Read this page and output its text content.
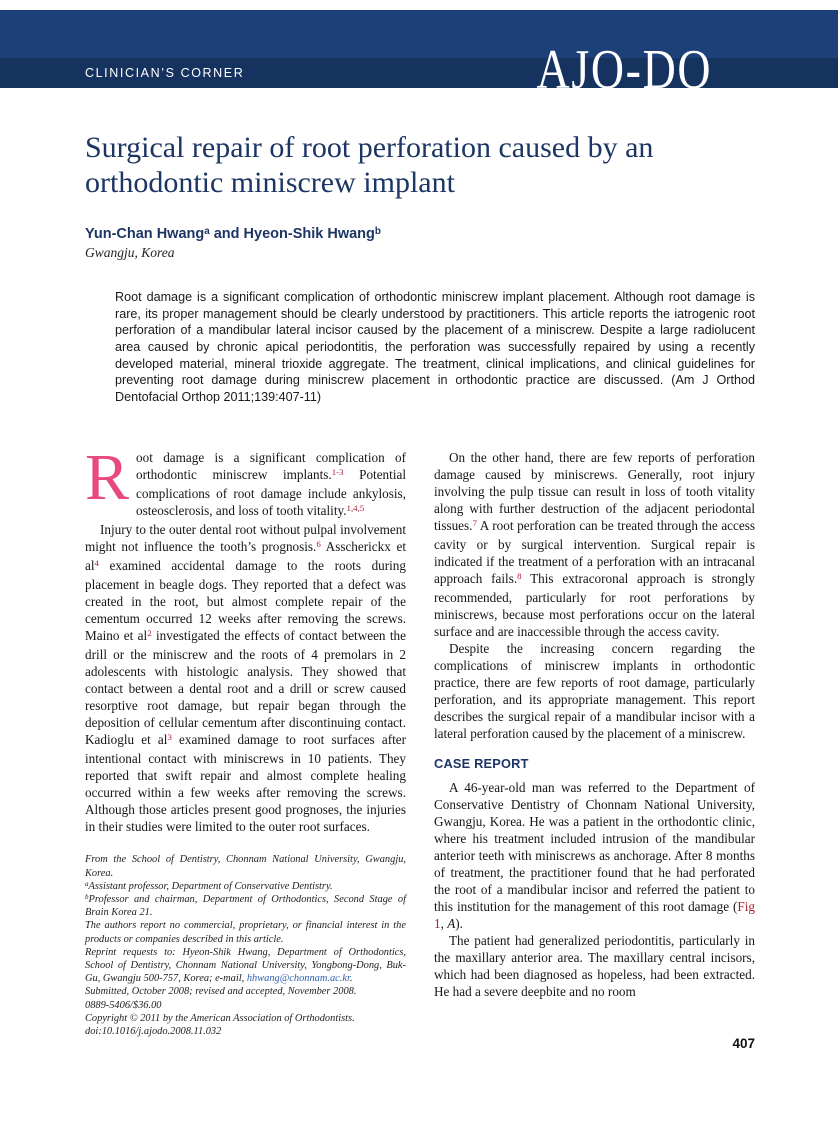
CLINICIAN’S CORNER	AJO-DO
Surgical repair of root perforation caused by an
orthodontic miniscrew implant
Yun-Chan Hwang$^a$ and Hyeon-Shik Hwang$^b$
Gwangju, Korea
Root damage is a significant complication of orthodontic miniscrew implant placement. Although root damage is rare, its proper management should be clearly understood by practitioners. This article reports the iatrogenic root perforation of a mandibular lateral incisor caused by the placement of a miniscrew. Despite a large radiolucent area caused by chronic apical periodontitis, the perforation was successfully repaired by using a recently developed material, mineral trioxide aggregate. The treatment, clinical implications, and clinical guidelines for preventing root damage during miniscrew placement in orthodontic practice are discussed. (Am J Orthod Dentofacial Orthop 2011;139:407-11)

Root damage is a significant complication of orthodontic miniscrew implants.$^{1-3}$ Potential complications of root damage include ankylosis, osteosclerosis, and loss of tooth vitality.$^{1,4,5}$

Injury to the outer dental root without pulpal involvement might not influence the tooth’s prognosis.$^6$ Asscherickx et $al^4$ examined accidental damage to the roots during placement in beagle dogs. They reported that a defect was created in the root, but almost complete repair of the cementum occurred 12 weeks after removing the screws. Maino et $al^2$ investigated the effects of contact between the drill or the miniscrew and the roots of 4 premolars in 2 adolescents with histologic analysis. They showed that contact between a dental root and a drill or screw caused resorptive root damage, but repair began through the deposition of cellular cementum after discontinuing contact. Kadioglu et $al^3$ examined damage to root surfaces after intentional contact with miniscrews in 10 patients. They reported that swift repair and almost complete healing occurred within a few weeks after removing the screws. Although those articles present good prognoses, the injuries in their studies were limited to the outer root surfaces.

From the School of Dentistry, Chonnam National University, Gwangju, Korea.

$^a$Assistant professor, Department of Conservative Dentistry.

$^b$Professor and chairman, Department of Orthodontics, Second Stage of Brain Korea 21.

The authors report no commercial, proprietary, or financial interest in the products or companies described in this article.

Reprint requests to: Hyeon-Shik Hwang, Department of Orthodontics, School of Dentistry, Chonnam National University, Yongbong-Dong, Buk-Gu, Gwangju 500-757, Korea; e-mail, hhwang@chonnam.ac.kr.

Submitted, October 2008; revised and accepted, November 2008.

0889-5406/$36.00

Copyright © 2011 by the American Association of Orthodontists.

doi:10.1016/j.ajodo.2008.11.032

On the other hand, there are few reports of perforation damage caused by miniscrews. Generally, root injury involving the pulp tissue can result in loss of tooth vitality along with further destruction of the adjacent periodontal tissues.$^7$ A root perforation can be treated through the access cavity or by surgical intervention. Surgical repair is indicated if the treatment of a perforation with an intracanal approach fails.$^8$ This extracoronal approach is strongly recommended, particularly for root perforations by miniscrews, because most perforations occur on the lateral surface and are inaccessible through the access cavity.

Despite the increasing concern regarding the complications of miniscrew implants in orthodontic practice, there are few reports of root damage, particularly perforation, and its appropriate management. This report describes the surgical repair of a mandibular incisor with a lateral perforation caused by the placement of a miniscrew.

CASE REPORT

A 46-year-old man was referred to the Department of Conservative Dentistry of Chonnam National University, Gwangju, Korea. He was a patient in the orthodontic clinic, where his treatment included intrusion of the mandibular anterior teeth with miniscrews as anchorage. After 8 months of treatment, the practitioner found that he had perforated the root of a mandibular incisor and referred the patient to this institution for the management of this root damage (Fig 1, A).

The patient had generalized periodontitis, particularly in the maxillary anterior area. The maxillary central incisors, which had been diagnosed as hopeless, had been extracted. He had a severe deepbite and no room

407
